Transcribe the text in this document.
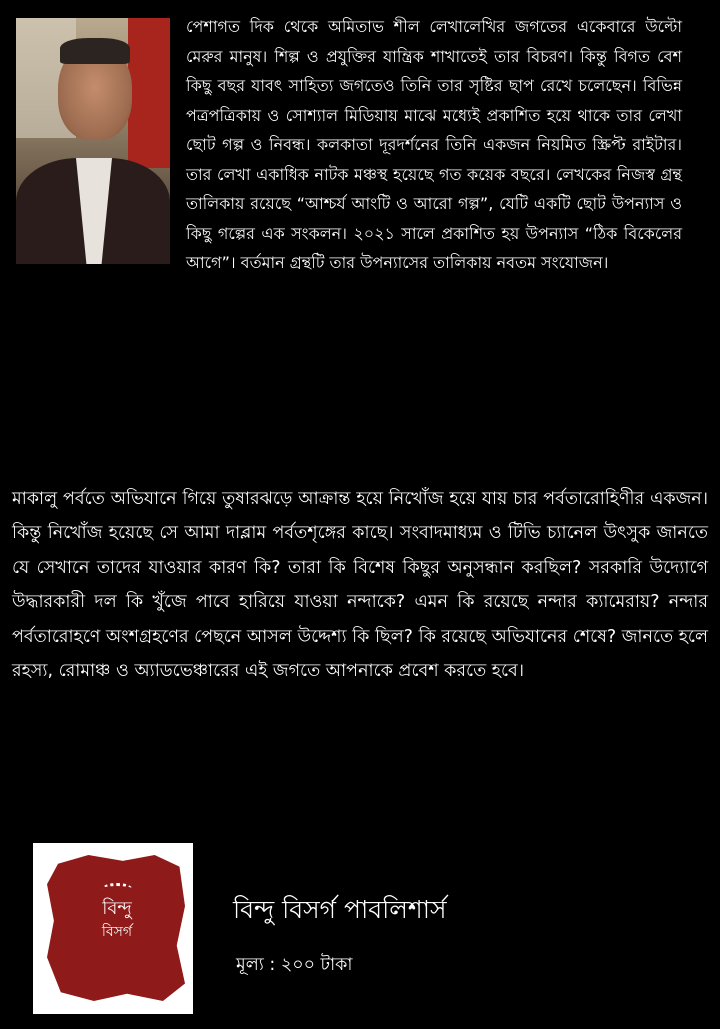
পেশাগত দিক থেকে অমিতাভ শীল লেখালেখির জগতের একেবারে উল্টো মেরুর মানুষ। শিল্প ও প্রযুক্তির যান্ত্রিক শাখাতেই তার বিচরণ। কিন্তু বিগত বেশ কিছু বছর যাবৎ সাহিত্য জগতেও তিনি তার সৃষ্টির ছাপ রেখে চলেছেন। বিভিন্ন পত্রপত্রিকায় ও সোশ্যাল মিডিয়ায় মাঝে মধ্যেই প্রকাশিত হয়ে থাকে তার লেখা ছোট গল্প ও নিবন্ধ। কলকাতা দূরদর্শনের তিনি একজন নিয়মিত স্ক্রিপ্ট রাইটার। তার লেখা একাধিক নাটক মঞ্চস্থ হয়েছে গত কয়েক বছরে। লেখকের নিজস্ব গ্রন্থ তালিকায় রয়েছে “আশ্চর্য আংটি ও আরো গল্প”, যেটি একটি ছোট উপন্যাস ও কিছু গল্পের এক সংকলন। ২০২১ সালে প্রকাশিত হয় উপন্যাস “ঠিক বিকেলের আগে”। বর্তমান গ্রন্থটি তার উপন্যাসের তালিকায় নবতম সংযোজন।

মাকালু পর্বতে অভিযানে গিয়ে তুষারঝড়ে আক্রান্ত হয়ে নিখোঁজ হয়ে যায় চার পর্বতারোহিণীর একজন। কিন্তু নিখোঁজ হয়েছে সে আমা দাব্লাম পর্বতশৃঙ্গের কাছে। সংবাদমাধ্যম ও টিভি চ্যানেল উৎসুক জানতে যে সেখানে তাদের যাওয়ার কারণ কি? তারা কি বিশেষ কিছুর অনুসন্ধান করছিল? সরকারি উদ্যোগে উদ্ধারকারী দল কি খুঁজে পাবে হারিয়ে যাওয়া নন্দাকে? এমন কি রয়েছে নন্দার ক্যামেরায়? নন্দার পর্বতারোহণে অংশগ্রহণের পেছনে আসল উদ্দেশ্য কি ছিল? কি রয়েছে অভিযানের শেষে? জানতে হলে রহস্য, রোমাঞ্চ ও অ্যাডভেঞ্চারের এই জগতে আপনাকে প্রবেশ করতে হবে।

বিন্দু
বিসর্গ

বিন্দু বিসর্গ পাবলিশার্স

মূল্য : ২০০ টাকা
